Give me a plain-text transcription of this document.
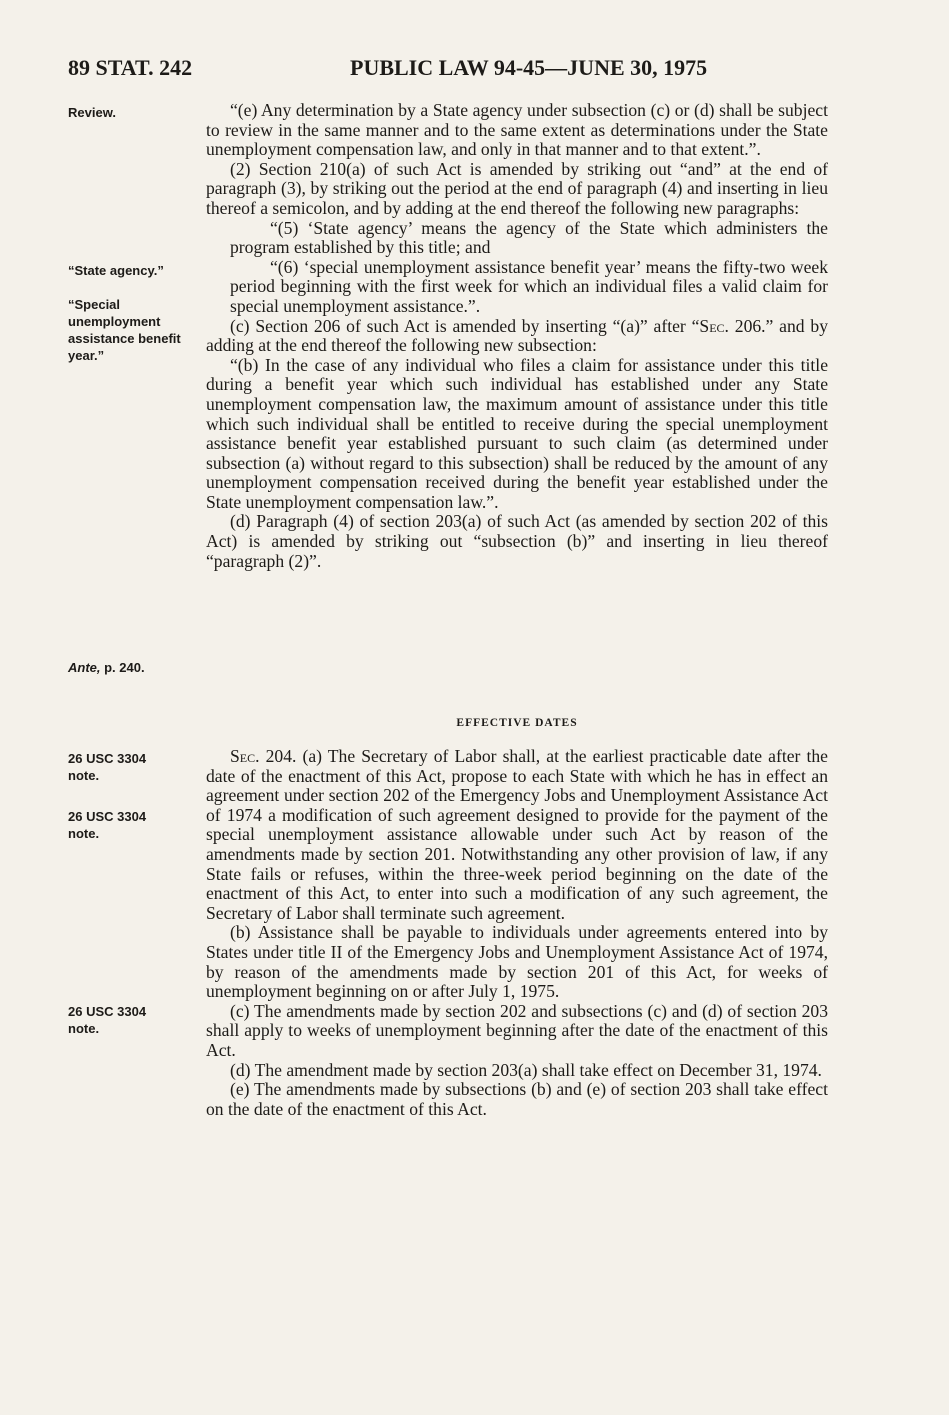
89 STAT. 242	PUBLIC LAW 94-45—JUNE 30, 1975
Review.
“State agency.”
“Special unemployment assistance benefit year.”
Ante, p. 240.
26 USC 3304
note.
26 USC 3304
note.
26 USC 3304
note.

“(e) Any determination by a State agency under subsection (c) or (d) shall be subject to review in the same manner and to the same extent as determinations under the State unemployment compensation law, and only in that manner and to that extent.”.

(2) Section 210(a) of such Act is amended by striking out “and” at the end of paragraph (3), by striking out the period at the end of paragraph (4) and inserting in lieu thereof a semicolon, and by adding at the end thereof the following new paragraphs:

“(5) ‘State agency’ means the agency of the State which administers the program established by this title; and

“(6) ‘special unemployment assistance benefit year’ means the fifty-two week period beginning with the first week for which an individual files a valid claim for special unemployment assistance.”.

(c) Section 206 of such Act is amended by inserting “(a)” after “Sec. 206.” and by adding at the end thereof the following new subsection:

“(b) In the case of any individual who files a claim for assistance under this title during a benefit year which such individual has established under any State unemployment compensation law, the maximum amount of assistance under this title which such individual shall be entitled to receive during the special unemployment assistance benefit year established pursuant to such claim (as determined under subsection (a) without regard to this subsection) shall be reduced by the amount of any unemployment compensation received during the benefit year established under the State unemployment compensation law.”.

(d) Paragraph (4) of section 203(a) of such Act (as amended by section 202 of this Act) is amended by striking out “subsection (b)” and inserting in lieu thereof “paragraph (2)”.

EFFECTIVE DATES

Sec. 204. (a) The Secretary of Labor shall, at the earliest practicable date after the date of the enactment of this Act, propose to each State with which he has in effect an agreement under section 202 of the Emergency Jobs and Unemployment Assistance Act of 1974 a modification of such agreement designed to provide for the payment of the special unemployment assistance allowable under such Act by reason of the amendments made by section 201. Notwithstanding any other provision of law, if any State fails or refuses, within the three-week period beginning on the date of the enactment of this Act, to enter into such a modification of any such agreement, the Secretary of Labor shall terminate such agreement.

(b) Assistance shall be payable to individuals under agreements entered into by States under title II of the Emergency Jobs and Unemployment Assistance Act of 1974, by reason of the amendments made by section 201 of this Act, for weeks of unemployment beginning on or after July 1, 1975.

(c) The amendments made by section 202 and subsections (c) and (d) of section 203 shall apply to weeks of unemployment beginning after the date of the enactment of this Act.

(d) The amendment made by section 203(a) shall take effect on December 31, 1974.

(e) The amendments made by subsections (b) and (e) of section 203 shall take effect on the date of the enactment of this Act.
